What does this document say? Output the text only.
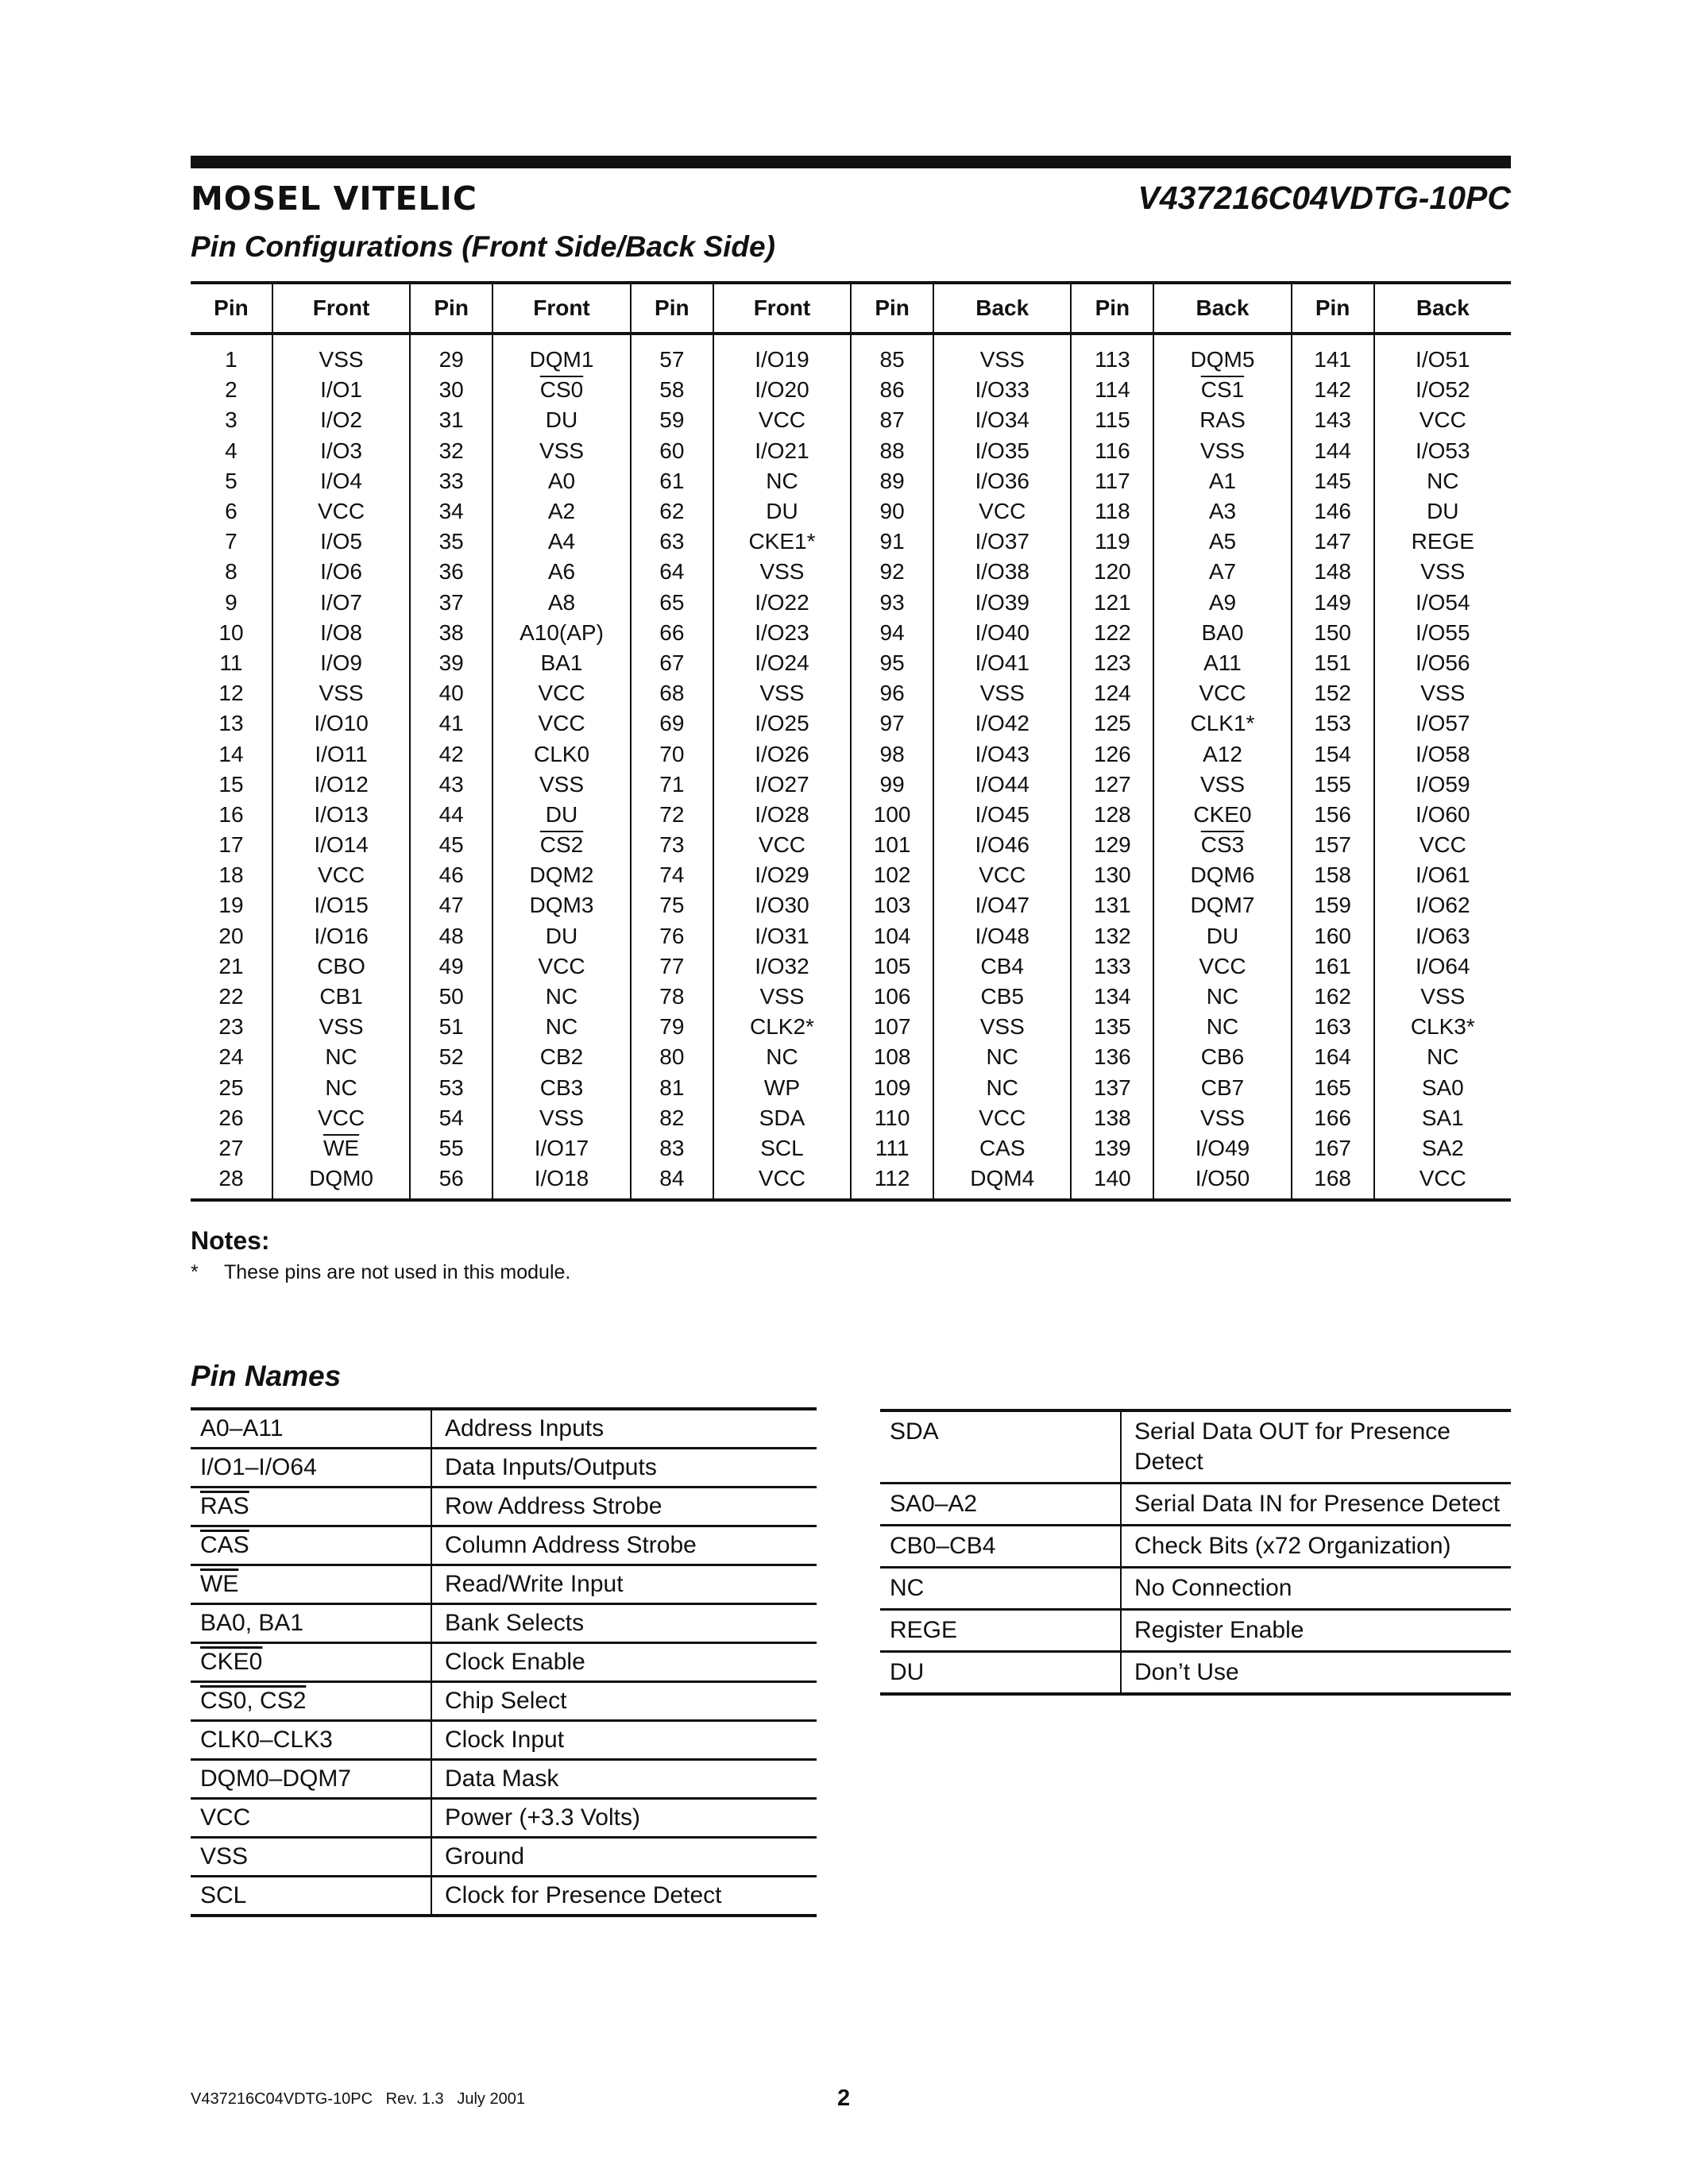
MOSEL VITELIC	V437216C04VDTG-10PC
Pin Configurations (Front Side/Back Side)
Pin	Front	Pin	Front	Pin	Front	Pin	Back	Pin	Back	Pin	Back
1	VSS	29	DQM1	57	I/O19	85	VSS	113	DQM5	141	I/O51
2	I/O1	30	CS0	58	I/O20	86	I/O33	114	CS1	142	I/O52
3	I/O2	31	DU	59	VCC	87	I/O34	115	RAS	143	VCC
4	I/O3	32	VSS	60	I/O21	88	I/O35	116	VSS	144	I/O53
5	I/O4	33	A0	61	NC	89	I/O36	117	A1	145	NC
6	VCC	34	A2	62	DU	90	VCC	118	A3	146	DU
7	I/O5	35	A4	63	CKE1*	91	I/O37	119	A5	147	REGE
8	I/O6	36	A6	64	VSS	92	I/O38	120	A7	148	VSS
9	I/O7	37	A8	65	I/O22	93	I/O39	121	A9	149	I/O54
10	I/O8	38	A10(AP)	66	I/O23	94	I/O40	122	BA0	150	I/O55
11	I/O9	39	BA1	67	I/O24	95	I/O41	123	A11	151	I/O56
12	VSS	40	VCC	68	VSS	96	VSS	124	VCC	152	VSS
13	I/O10	41	VCC	69	I/O25	97	I/O42	125	CLK1*	153	I/O57
14	I/O11	42	CLK0	70	I/O26	98	I/O43	126	A12	154	I/O58
15	I/O12	43	VSS	71	I/O27	99	I/O44	127	VSS	155	I/O59
16	I/O13	44	DU	72	I/O28	100	I/O45	128	CKE0	156	I/O60
17	I/O14	45	CS2	73	VCC	101	I/O46	129	CS3	157	VCC
18	VCC	46	DQM2	74	I/O29	102	VCC	130	DQM6	158	I/O61
19	I/O15	47	DQM3	75	I/O30	103	I/O47	131	DQM7	159	I/O62
20	I/O16	48	DU	76	I/O31	104	I/O48	132	DU	160	I/O63
21	CBO	49	VCC	77	I/O32	105	CB4	133	VCC	161	I/O64
22	CB1	50	NC	78	VSS	106	CB5	134	NC	162	VSS
23	VSS	51	NC	79	CLK2*	107	VSS	135	NC	163	CLK3*
24	NC	52	CB2	80	NC	108	NC	136	CB6	164	NC
25	NC	53	CB3	81	WP	109	NC	137	CB7	165	SA0
26	VCC	54	VSS	82	SDA	110	VCC	138	VSS	166	SA1
27	$\overline{WE}$	55	I/O17	83	SCL	111	CAS	139	I/O49	167	SA2
28	DQM0	56	I/O18	84	VCC	112	DQM4	140	I/O50	168	VCC
Notes:
* These pins are not used in this module.
Pin Names
A0–A11	Address Inputs
I/O1–I/O64	Data Inputs/Outputs
$\overline{RAS}$	Row Address Strobe
$\overline{CAS}$	Column Address Strobe
$\overline{WE}$	Read/Write Input
BA0, BA1	Bank Selects
CKE0	Clock Enable
CS0, CS2	Chip Select
CLK0–CLK3	Clock Input
DQM0–DQM7	Data Mask
VCC	Power (+3.3 Volts)
VSS	Ground
SCL	Clock for Presence Detect
SDA	Serial Data OUT for Presence Detect
SA0–A2	Serial Data IN for Presence Detect
CB0–CB4	Check Bits (x72 Organization)
NC	No Connection
REGE	Register Enable
DU	Don’t Use
V437216C04VDTG-10PC   Rev. 1.3   July 2001	2
